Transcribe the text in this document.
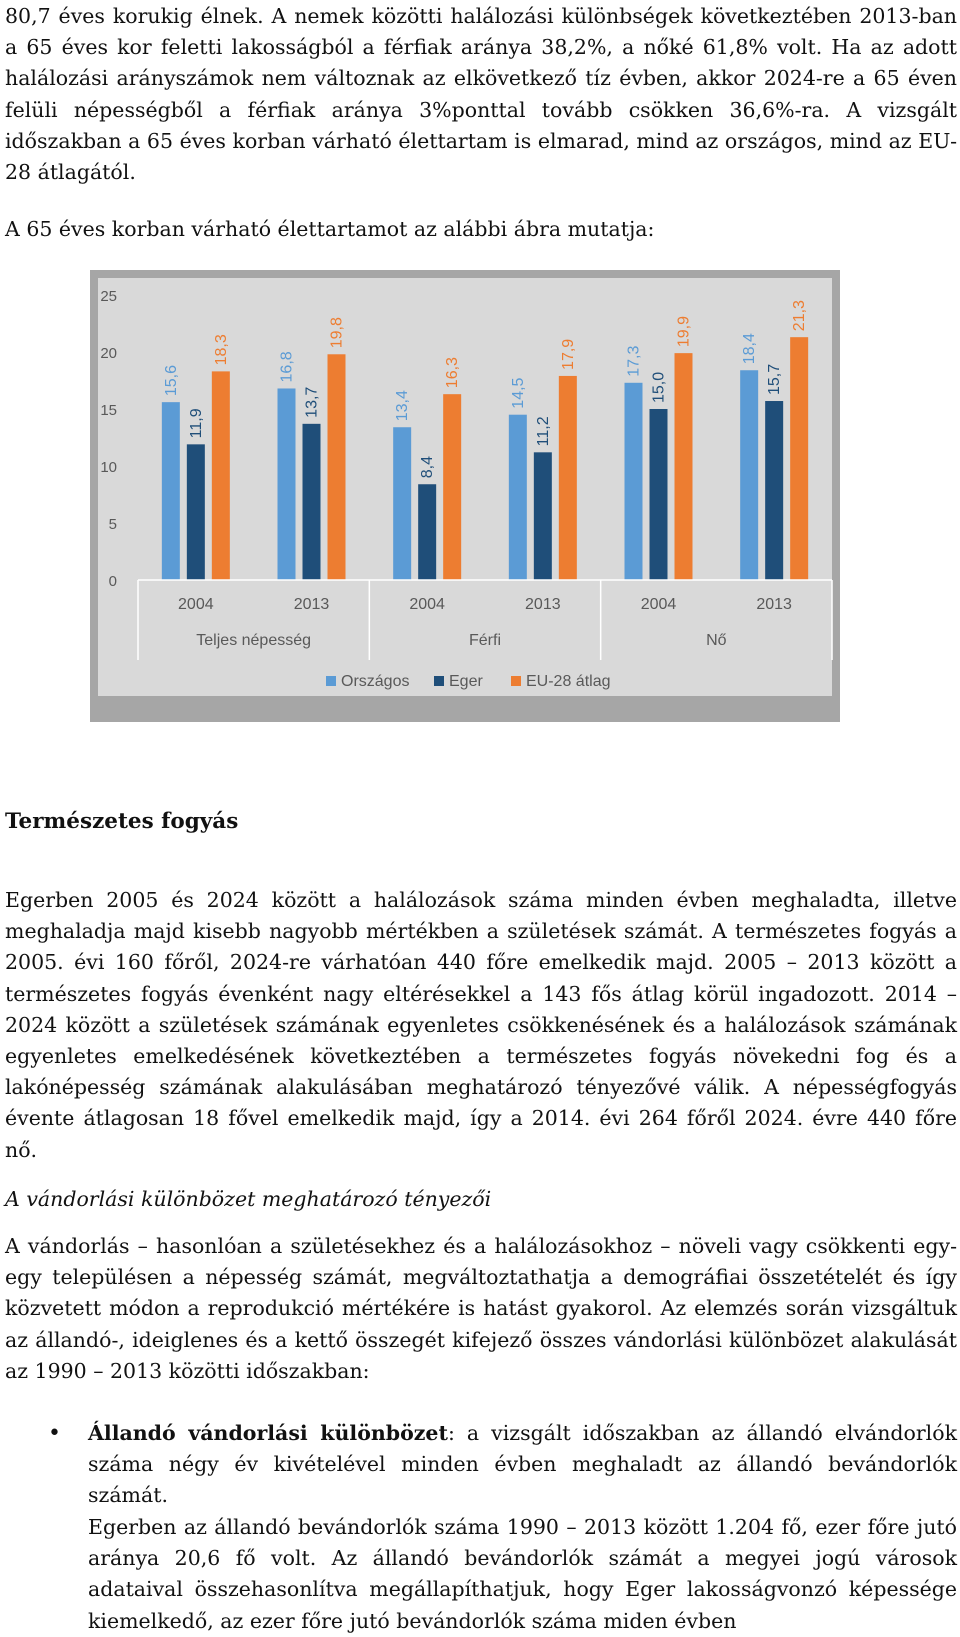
80,7 éves korukig élnek. A nemek közötti halálozási különbségek következtében 2013-ban a 65 éves kor feletti lakosságból a férfiak aránya 38,2%, a nőké 61,8% volt. Ha az adott halálozási arányszámok nem változnak az elkövetkező tíz évben, akkor 2024-re a 65 éven felüli népességből a férfiak aránya 3%ponttal tovább csökken 36,6%-ra. A vizsgált időszakban a 65 éves korban várható élettartam is elmarad, mind az országos, mind az EU-28 átlagától.

A 65 éves korban várható élettartamot az alábbi ábra mutatja:

0
5
10
15
20
25
15,6	16,8
13,4	14,5
17,3	18,4
11,9
13,7
8,4
11,2
15,0	15,7
18,3
19,8
16,3
17,9
19,9
21,3
2004	2013	2004	2013	2004	2013
Teljes népesség	Férfi	Nő
Országos Eger	EU-28 átlag

Természetes fogyás

Egerben 2005 és 2024 között a halálozások száma minden évben meghaladta, illetve meghaladja majd kisebb nagyobb mértékben a születések számát. A természetes fogyás a 2005. évi 160 főről, 2024-re várhatóan 440 főre emelkedik majd. 2005 – 2013 között a természetes fogyás évenként nagy eltérésekkel a 143 fős átlag körül ingadozott. 2014 – 2024 között a születések számának egyenletes csökkenésének és a halálozások számának egyenletes emelkedésének következtében a természetes fogyás növekedni fog és a lakónépesség számának alakulásában meghatározó tényezővé válik. A népességfogyás évente átlagosan 18 fővel emelkedik majd, így a 2014. évi 264 főről 2024. évre 440 főre nő.

A vándorlási különbözet meghatározó tényezői

A vándorlás – hasonlóan a születésekhez és a halálozásokhoz – növeli vagy csökkenti egy-egy településen a népesség számát, megváltoztathatja a demográfiai összetételét és így közvetett módon a reprodukció mértékére is hatást gyakorol. Az elemzés során vizsgáltuk az állandó-, ideiglenes és a kettő összegét kifejező összes vándorlási különbözet alakulását az 1990 – 2013 közötti időszakban:

• Állandó vándorlási különbözet: a vizsgált időszakban az állandó elvándorlók száma négy év kivételével minden évben meghaladt az állandó bevándorlók számát.

Egerben az állandó bevándorlók száma 1990 – 2013 között 1.204 fő, ezer főre jutó aránya 20,6 fő volt. Az állandó bevándorlók számát a megyei jogú városok adataival összehasonlítva megállapíthatjuk, hogy Eger lakosságvonzó képessége kiemelkedő, az ezer főre jutó bevándorlók száma miden évben
